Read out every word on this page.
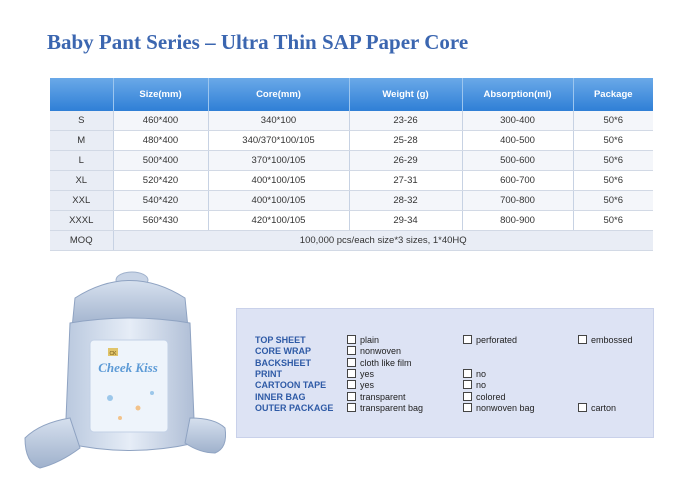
Baby Pant Series – Ultra Thin SAP Paper Core
	Size(mm)	Core(mm)	Weight (g)	Absorption(ml)	Package
S	460*400	340*100	23-26	300-400	50*6
M	480*400	340/370*100/105	25-28	400-500	50*6
L	500*400	370*100/105	26-29	500-600	50*6
XL	520*420	400*100/105	27-31	600-700	50*6
XXL	540*420	400*100/105	28-32	700-800	50*6
XXXL	560*430	420*100/105	29-34	800-900	50*6
MOQ	100,000 pcs/each size*3 sizes, 1*40HQ				
CK
Cheek Kiss
TOP SHEET	plain	perforated	embossed
CORE WRAP	nonwoven
BACKSHEET	cloth like film
PRINT	yes	no
CARTOON TAPE	yes	no
INNER BAG	transparent	colored
OUTER PACKAGE	transparent bag	nonwoven bag	carton
